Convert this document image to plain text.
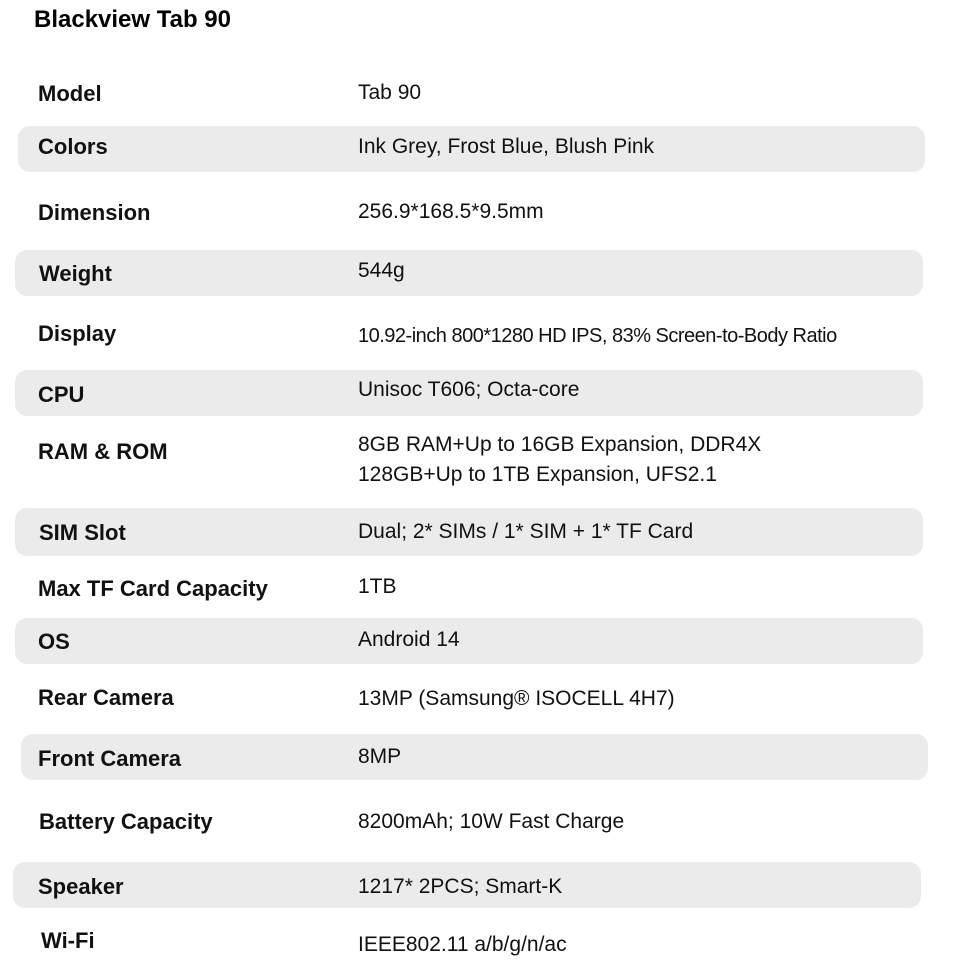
Blackview Tab 90
Model	Tab 90
Colors	Ink Grey, Frost Blue, Blush Pink
Dimension	256.9*168.5*9.5mm
Weight	544g
Display	10.92-inch 800*1280 HD IPS, 83% Screen-to-Body Ratio
CPU	Unisoc T606; Octa-core
RAM & ROM	8GB RAM+Up to 16GB Expansion, DDR4X
128GB+Up to 1TB Expansion, UFS2.1
SIM Slot	Dual; 2* SIMs / 1* SIM + 1* TF Card
Max TF Card Capacity	1TB
OS	Android 14
Rear Camera	13MP (Samsung® ISOCELL 4H7)
Front Camera	8MP
Battery Capacity	8200mAh; 10W Fast Charge
Speaker	1217* 2PCS; Smart-K
Wi-Fi	IEEE802.11 a/b/g/n/ac
